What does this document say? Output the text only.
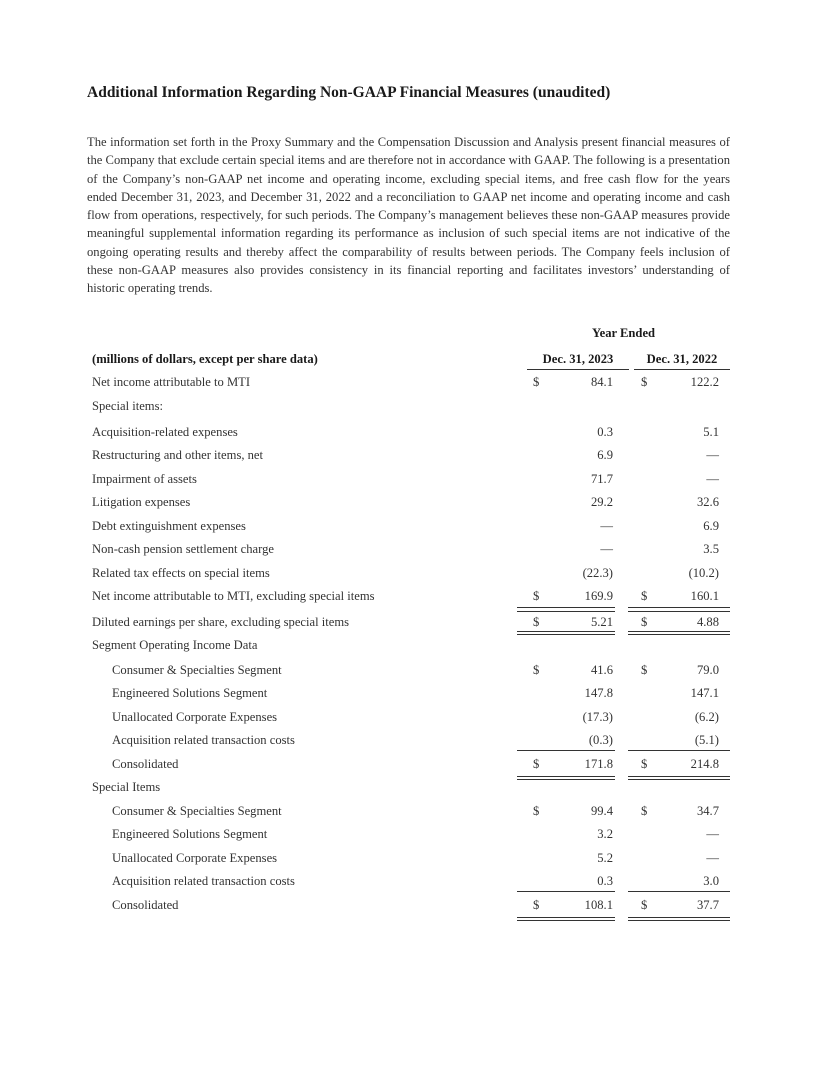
Additional Information Regarding Non-GAAP Financial Measures (unaudited)
The information set forth in the Proxy Summary and the Compensation Discussion and Analysis present financial measures of the Company that exclude certain special items and are therefore not in accordance with GAAP. The following is a presentation of the Company’s non-GAAP net income and operating income, excluding special items, and free cash flow for the years ended December 31, 2023, and December 31, 2022 and a reconciliation to GAAP net income and operating income and cash flow from operations, respectively, for such periods. The Company’s management believes these non-GAAP measures provide meaningful supplemental information regarding its performance as inclusion of such special items are not indicative of the ongoing operating results and thereby affect the comparability of results between periods. The Company feels inclusion of these non-GAAP measures also provides consistency in its financial reporting and facilitates investors’ understanding of historic operating trends.
Year Ended
(millions of dollars, except per share data)	Dec. 31, 2023	Dec. 31, 2022
Net income attributable to MTI	$	84.1 $	122.2
Special items:
Acquisition-related expenses	0.3	5.1
Restructuring and other items, net	6.9	—
Impairment of assets	71.7	—
Litigation expenses	29.2	32.6
Debt extinguishment expenses	—	6.9
Non-cash pension settlement charge	—	3.5
Related tax effects on special items	(22.3)	(10.2)
Net income attributable to MTI, excluding special items	$	169.9 $	160.1
Diluted earnings per share, excluding special items	$	5.21 $	4.88
Segment Operating Income Data
Consumer & Specialties Segment	$	41.6 $	79.0
Engineered Solutions Segment	147.8	147.1
Unallocated Corporate Expenses	(17.3)	(6.2)
Acquisition related transaction costs	(0.3)	(5.1)
Consolidated	$	171.8 $	214.8
Special Items
Consumer & Specialties Segment	$	99.4 $	34.7
Engineered Solutions Segment	3.2	—
Unallocated Corporate Expenses	5.2	—
Acquisition related transaction costs	0.3	3.0
Consolidated	$	108.1 $	37.7
